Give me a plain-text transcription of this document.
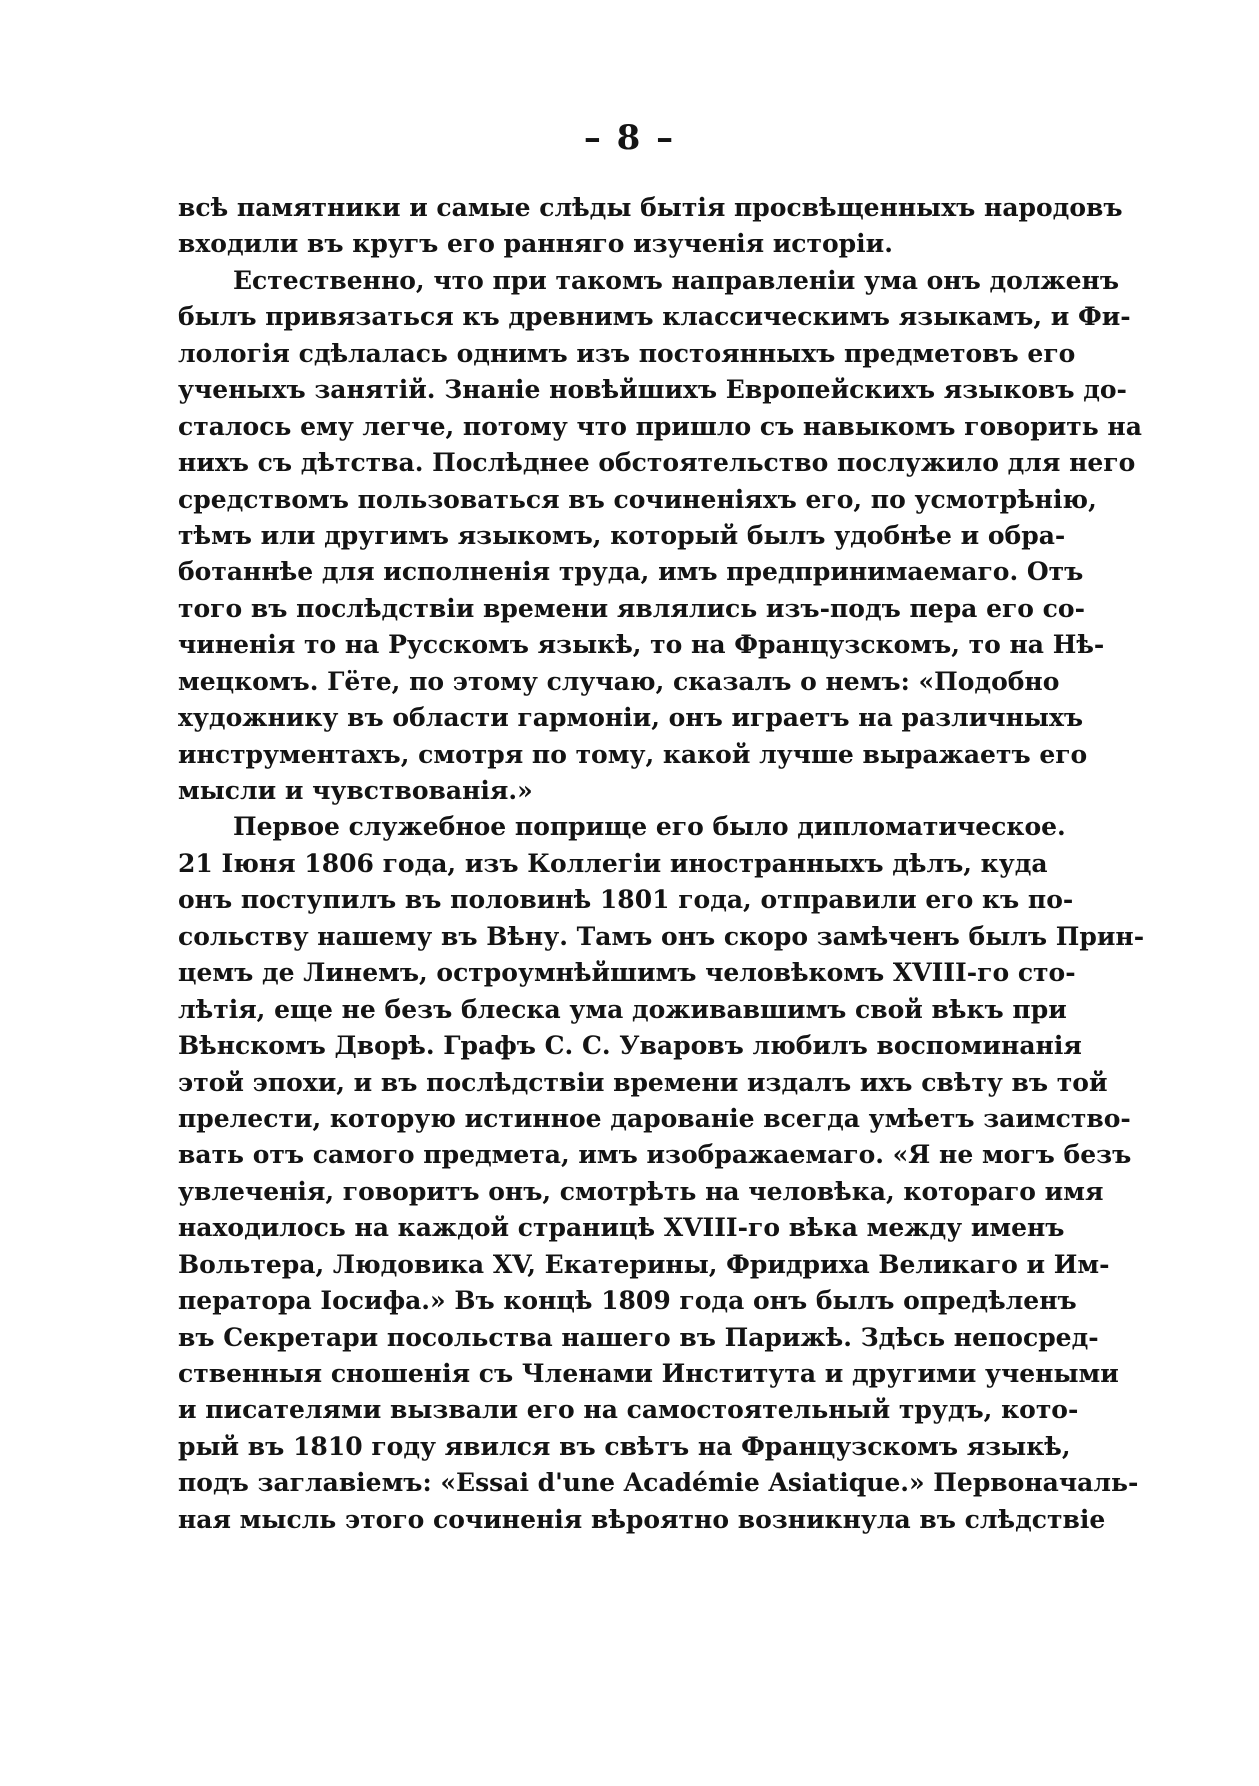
– 8 –
всѣ памятники и самые слѣды бытія просвѣщенныхъ народовъ
входили въ кругъ его ранняго изученія исторіи.
Естественно, что при такомъ направленіи ума онъ долженъ
былъ привязаться къ древнимъ классическимъ языкамъ, и Фи-
лологія сдѣлалась однимъ изъ постоянныхъ предметовъ его
ученыхъ занятій. Знаніе новѣйшихъ Европейскихъ языковъ до-
сталось ему легче, потому что пришло съ навыкомъ говорить на
нихъ съ дѣтства. Послѣднее обстоятельство послужило для него
средствомъ пользоваться въ сочиненіяхъ его, по усмотрѣнію,
тѣмъ или другимъ языкомъ, который былъ удобнѣе и обра-
ботаннѣе для исполненія труда, имъ предпринимаемаго. Отъ
того въ послѣдствіи времени являлись изъ-подъ пера его со-
чиненія то на Русскомъ языкѣ, то на Французскомъ, то на Нѣ-
мецкомъ. Гёте, по этому случаю, сказалъ о немъ: «Подобно
художнику въ области гармоніи, онъ играетъ на различныхъ
инструментахъ, смотря по тому, какой лучше выражаетъ его
мысли и чувствованія.»
Первое служебное поприще его было дипломатическое.
21 Іюня 1806 года, изъ Коллегіи иностранныхъ дѣлъ, куда
онъ поступилъ въ половинѣ 1801 года, отправили его къ по-
сольству нашему въ Вѣну. Тамъ онъ скоро замѣченъ былъ Прин-
цемъ де Линемъ, остроумнѣйшимъ человѣкомъ XVIII-го сто-
лѣтія, еще не безъ блеска ума доживавшимъ свой вѣкъ при
Вѣнскомъ Дворѣ. Графъ С. С. Уваровъ любилъ воспоминанія
этой эпохи, и въ послѣдствіи времени издалъ ихъ свѣту въ той
прелести, которую истинное дарованіе всегда умѣетъ заимство-
вать отъ самого предмета, имъ изображаемаго. «Я не могъ безъ
увлеченія, говоритъ онъ, смотрѣть на человѣка, котораго имя
находилось на каждой страницѣ XVIII-го вѣка между именъ
Вольтера, Людовика XV, Екатерины, Фридриха Великаго и Им-
ператора Іосифа.» Въ концѣ 1809 года онъ былъ опредѣленъ
въ Секретари посольства нашего въ Парижѣ. Здѣсь непосред-
ственныя сношенія съ Членами Института и другими учеными
и писателями вызвали его на самостоятельный трудъ, кото-
рый въ 1810 году явился въ свѣтъ на Французскомъ языкѣ,
подъ заглавіемъ: «Essai d'une Académie Asiatique.» Первоначаль-
ная мысль этого сочиненія вѣроятно возникнула въ слѣдствіе
